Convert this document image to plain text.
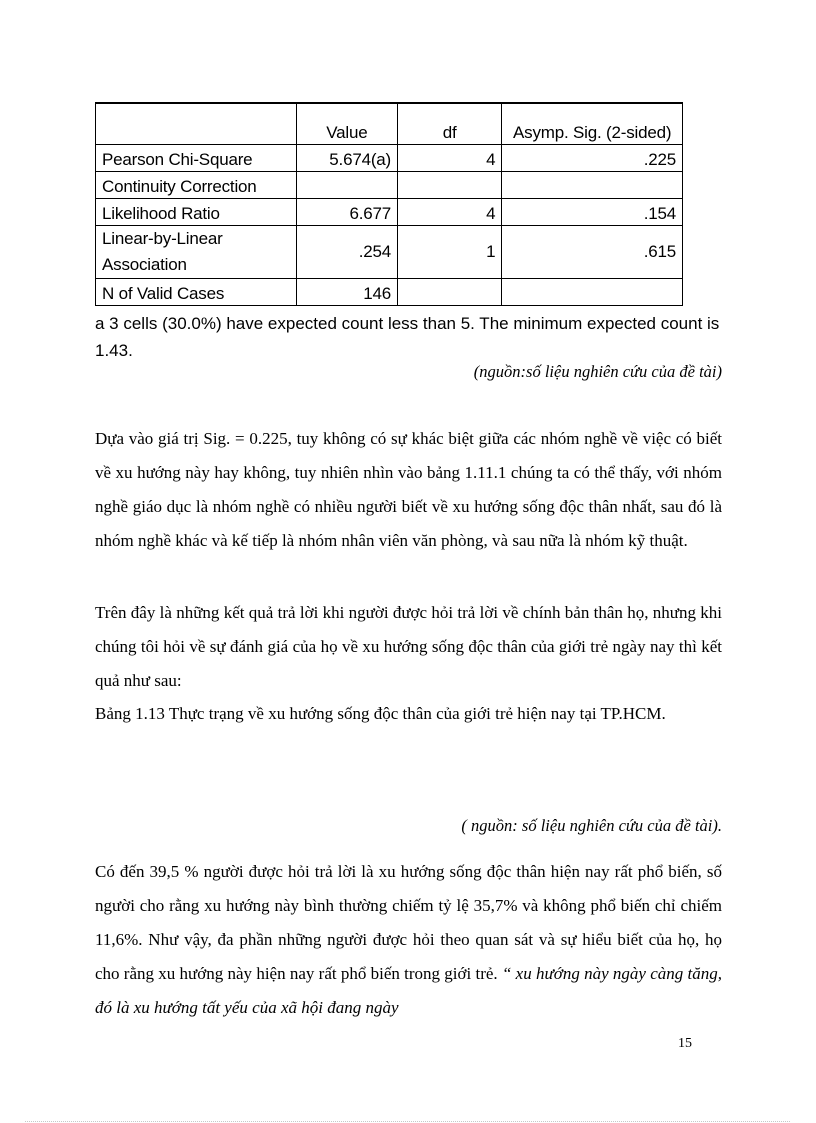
	Value	df	Asymp. Sig. (2-sided)
Pearson Chi-Square	5.674(a)	4	.225
Continuity Correction			
Likelihood Ratio	6.677	4	.154
Linear-by-Linear Association	.254	1	.615
N of Valid Cases	146		
a 3 cells (30.0%) have expected count less than 5. The minimum expected count is 1.43.
(nguồn:số liệu nghiên cứu của đề tài)
Dựa vào giá trị Sig. = 0.225, tuy không có sự khác biệt giữa các nhóm nghề về việc có biết về xu hướng này hay không, tuy nhiên nhìn vào bảng 1.11.1 chúng ta có thể thấy, với nhóm nghề giáo dục là nhóm nghề có nhiều người biết về xu hướng sống độc thân nhất, sau đó là nhóm nghề khác và kế tiếp là nhóm nhân viên văn phòng, và sau nữa là nhóm kỹ thuật.
Trên đây là những kết quả trả lời khi người được hỏi trả lời về chính bản thân họ, nhưng khi chúng tôi hỏi về sự đánh giá của họ về xu hướng sống độc thân của giới trẻ ngày nay thì kết quả như sau:
Bảng 1.13 Thực trạng về xu hướng sống độc thân của giới trẻ hiện nay tại TP.HCM.
( nguồn: số liệu nghiên cứu của đề tài).
Có đến 39,5 % người được hỏi trả lời là xu hướng sống độc thân hiện nay rất phổ biến, số người cho rằng xu hướng này bình thường chiếm tỷ lệ 35,7% và không phổ biến chỉ chiếm 11,6%. Như vậy, đa phần những người được hỏi theo quan sát và sự hiểu biết của họ, họ cho rằng xu hướng này hiện nay rất phổ biến trong giới trẻ. “ xu hướng này ngày càng tăng, đó là xu hướng tất yếu của xã hội đang ngày
15
